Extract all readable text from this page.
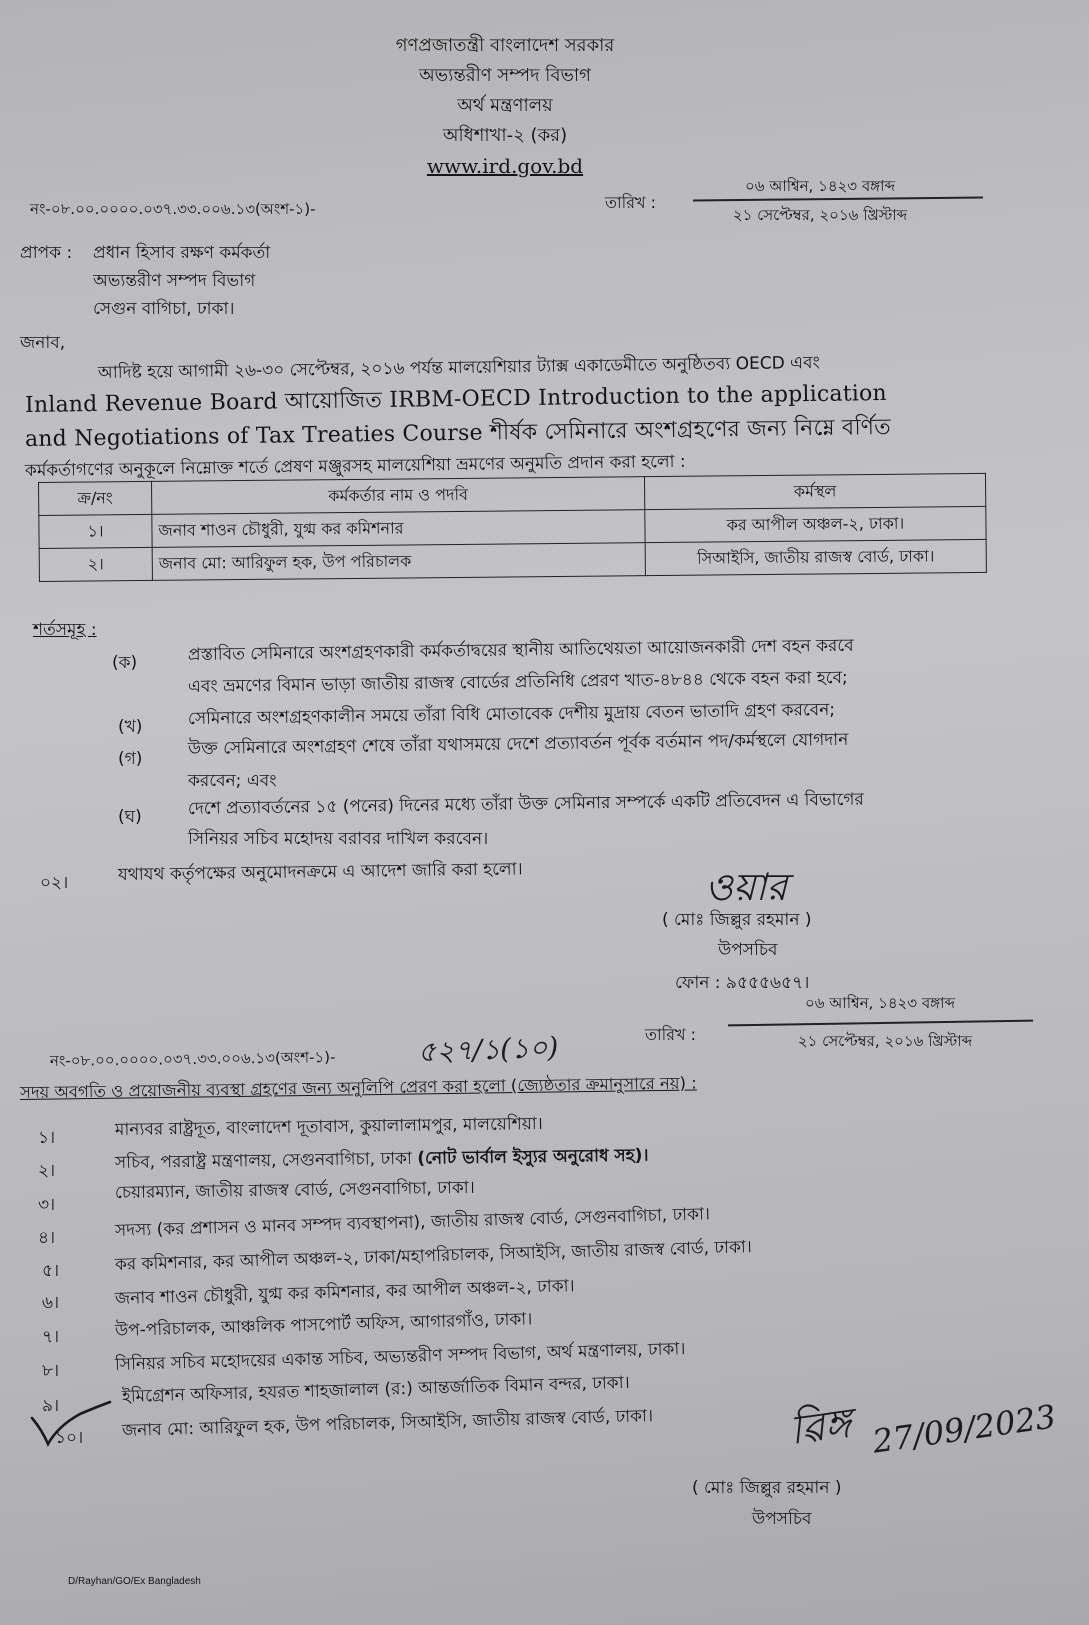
গণপ্রজাতন্ত্রী বাংলাদেশ সরকার
অভ্যন্তরীণ সম্পদ বিভাগ
অর্থ মন্ত্রণালয়
অধিশাখা-২ (কর)
www.ird.gov.bd
নং-০৮.০০.০০০০.০৩৭.৩৩.০০৬.১৩(অংশ-১)-	তারিখ :
০৬ আশ্বিন, ১৪২৩ বঙ্গাব্দ
২১ সেপ্টেম্বর, ২০১৬ খ্রিস্টাব্দ
প্রাপক : প্রধান হিসাব রক্ষণ কর্মকর্তা
অভ্যন্তরীণ সম্পদ বিভাগ
সেগুন বাগিচা, ঢাকা।
জনাব,
আদিষ্ট হয়ে আগামী ২৬-৩০ সেপ্টেম্বর, ২০১৬ পর্যন্ত মালয়েশিয়ার ট্যাক্স একাডেমীতে অনুষ্ঠিতব্য OECD এবং
Inland Revenue Board আয়োজিত IRBM-OECD Introduction to the application
and Negotiations of Tax Treaties Course শীর্ষক সেমিনারে অংশগ্রহণের জন্য নিম্নে বর্ণিত
কর্মকর্তাগণের অনুকূলে নিম্নোক্ত শর্তে প্রেষণ মঞ্জুরসহ মালয়েশিয়া ভ্রমণের অনুমতি প্রদান করা হলো :
ক্র/নং	কর্মকর্তার নাম ও পদবি	কর্মস্থল
১।	জনাব শাওন চৌধুরী, যুগ্ম কর কমিশনার	কর আপীল অঞ্চল-২, ঢাকা।
২।	জনাব মো: আরিফুল হক, উপ পরিচালক	সিআইসি, জাতীয় রাজস্ব বোর্ড, ঢাকা।
শর্তসমূহ :
(ক)	প্রস্তাবিত সেমিনারে অংশগ্রহণকারী কর্মকর্তাদ্বয়ের স্থানীয় আতিথেয়তা আয়োজনকারী দেশ বহন করবে
এবং ভ্রমণের বিমান ভাড়া জাতীয় রাজস্ব বোর্ডের প্রতিনিধি প্রেরণ খাত-৪৮৪৪ থেকে বহন করা হবে;
(খ)	সেমিনারে অংশগ্রহণকালীন সময়ে তাঁরা বিধি মোতাবেক দেশীয় মুদ্রায় বেতন ভাতাদি গ্রহণ করবেন;
(গ)
উক্ত সেমিনারে অংশগ্রহণ শেষে তাঁরা যথাসময়ে দেশে প্রত্যাবর্তন পূর্বক বর্তমান পদ/কর্মস্থলে যোগদান
করবেন; এবং
(ঘ)	দেশে প্রত্যাবর্তনের ১৫ (পনের) দিনের মধ্যে তাঁরা উক্ত সেমিনার সম্পর্কে একটি প্রতিবেদন এ বিভাগের
সিনিয়র সচিব মহোদয় বরাবর দাখিল করবেন।
০২।	যথাযথ কর্তৃপক্ষের অনুমোদনক্রমে এ আদেশ জারি করা হলো।	ওয়ার
( মোঃ জিল্লুর রহমান )
উপসচিব
ফোন : ৯৫৫৫৬৫৭।
নং-০৮.০০.০০০০.০৩৭.৩৩.০০৬.১৩(অংশ-১)-	৫২৭/১(১০)	তারিখ :
০৬ আশ্বিন, ১৪২৩ বঙ্গাব্দ
২১ সেপ্টেম্বর, ২০১৬ খ্রিস্টাব্দ
সদয় অবগতি ও প্রয়োজনীয় ব্যবস্থা গ্রহণের জন্য অনুলিপি প্রেরণ করা হলো (জ্যেষ্ঠতার ক্রমানুসারে নয়) :
১।	মান্যবর রাষ্ট্রদূত, বাংলাদেশ দূতাবাস, কুয়ালালামপুর, মালয়েশিয়া।
২।	সচিব, পররাষ্ট্র মন্ত্রণালয়, সেগুনবাগিচা, ঢাকা (নোট ভার্বাল ইস্যুর অনুরোধ সহ)।
৩।
চেয়ারম্যান, জাতীয় রাজস্ব বোর্ড, সেগুনবাগিচা, ঢাকা।
৪।	সদস্য (কর প্রশাসন ও মানব সম্পদ ব্যবস্থাপনা), জাতীয় রাজস্ব বোর্ড, সেগুনবাগিচা, ঢাকা।
৫।	কর কমিশনার, কর আপীল অঞ্চল-২, ঢাকা/মহাপরিচালক, সিআইসি, জাতীয় রাজস্ব বোর্ড, ঢাকা।
৬।	জনাব শাওন চৌধুরী, যুগ্ম কর কমিশনার, কর আপীল অঞ্চল-২, ঢাকা।
৭।	উপ-পরিচালক, আঞ্চলিক পাসপোর্ট অফিস, আগারগাঁও, ঢাকা।
৮।	সিনিয়র সচিব মহোদয়ের একান্ত সচিব, অভ্যন্তরীণ সম্পদ বিভাগ, অর্থ মন্ত্রণালয়, ঢাকা।
৯।	ইমিগ্রেশন অফিসার, হযরত শাহজালাল (র:) আন্তর্জাতিক বিমান বন্দর, ঢাকা।
১০। জনাব মো: আরিফুল হক, উপ পরিচালক, সিআইসি, জাতীয় রাজস্ব বোর্ড, ঢাকা।	ৱিঙ্গ 27/09/2023
( মোঃ জিল্লুর রহমান )
উপসচিব
D/Rayhan/GO/Ex Bangladesh
